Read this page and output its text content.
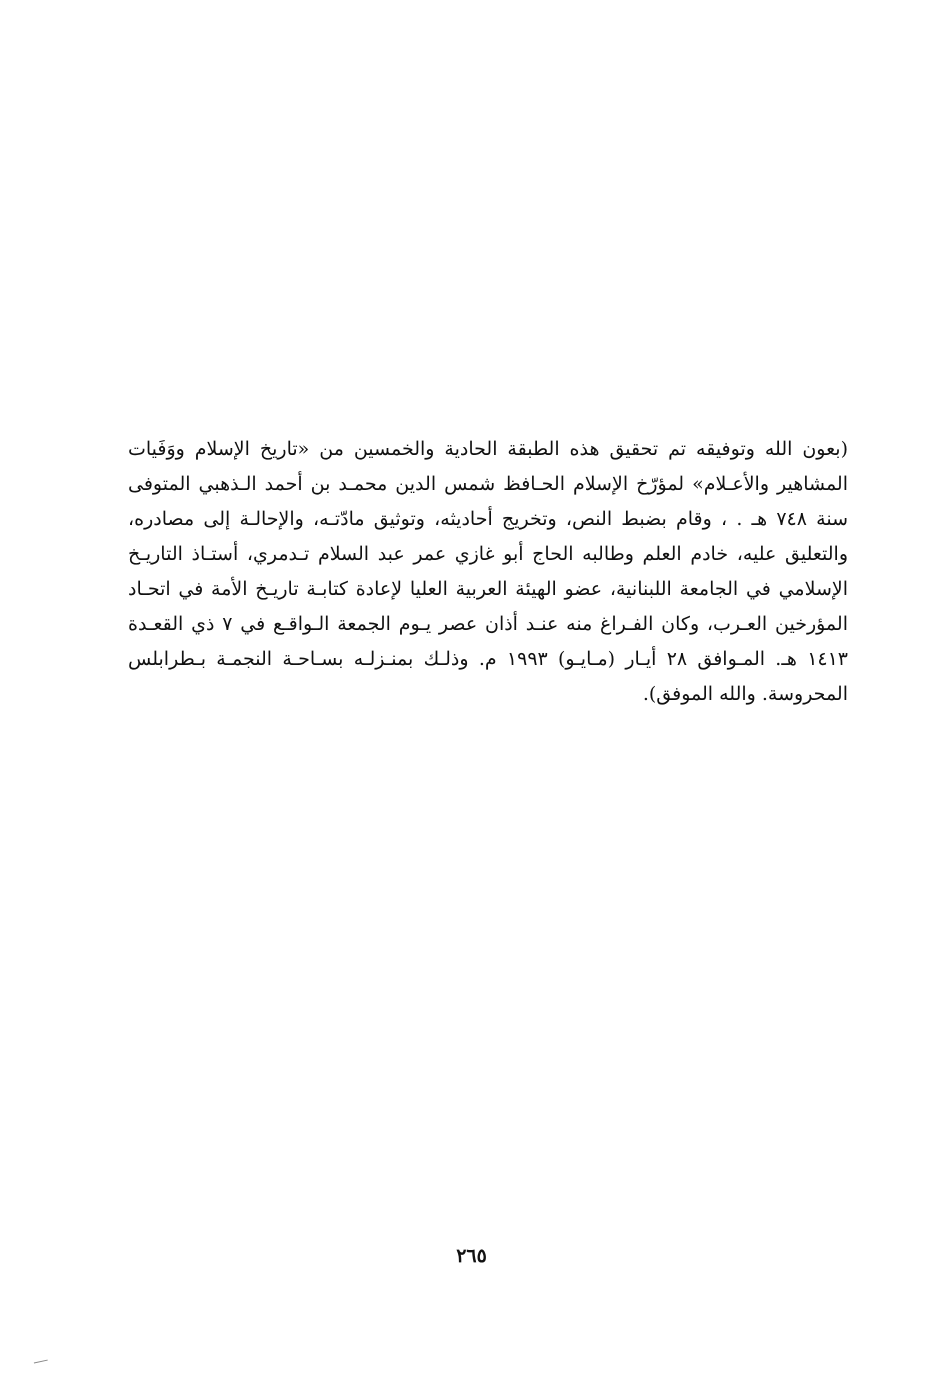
(بعون الله وتوفيقه تم تحقيق هذه الطبقة الحادية والخمسين من «تاريخ الإسلام ووَفَيات
المشاهير والأعـلام» لمؤرّخ الإسلام الحـافظ شمس الدين محمـد بن أحمد الـذهبي المتوفى
سنة ٧٤٨ هـ . ، وقام بضبط النص، وتخريج أحاديثه، وتوثيق مادّتـه، والإحالـة إلى مصادره،
والتعليق عليه، خادم العلم وطالبه الحاج أبو غازي عمر عبد السلام تـدمري، أستـاذ التاريـخ
الإسلامي في الجامعة اللبنانية، عضو الهيئة العربية العليا لإعادة كتابـة تاريـخ الأمة في اتحـاد
المؤرخين العـرب، وكان الفـراغ منه عنـد أذان عصر يـوم الجمعة الـواقـع في ٧ ذي القعـدة
١٤١٣ هـ. المـوافق ٢٨ أيـار (مـايـو) ١٩٩٣ م. وذلـك بمنـزلـه بسـاحـة النجمـة بـطرابلس
المحروسة. والله الموفق).
٢٦٥
